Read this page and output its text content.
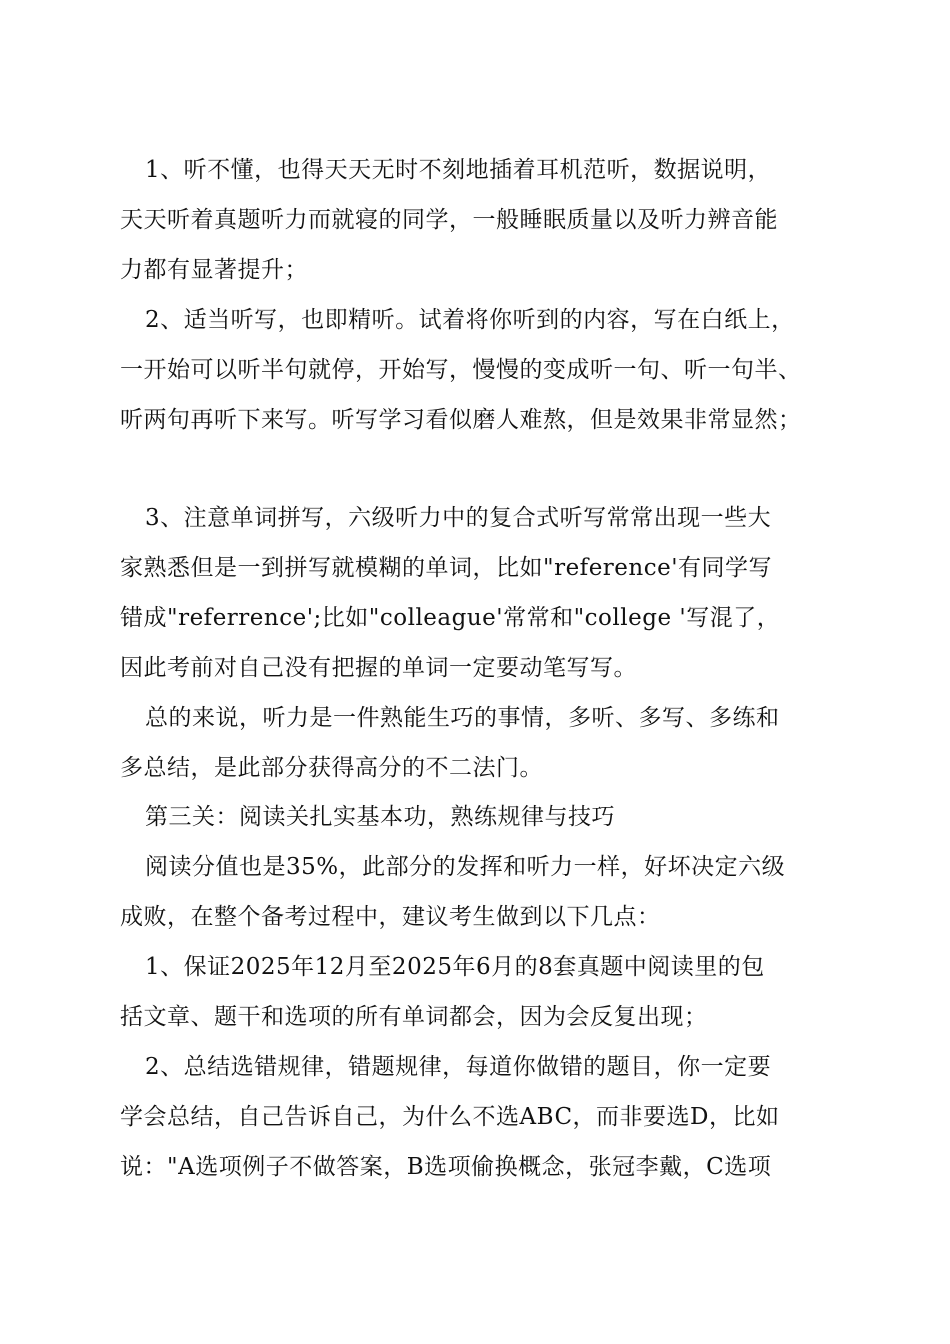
1、听不懂，也得天天无时不刻地插着耳机范听，数据说明，
天天听着真题听力而就寝的同学，一般睡眠质量以及听力辨音能
力都有显著提升；
2、适当听写，也即精听。试着将你听到的内容，写在白纸上，
一开始可以听半句就停，开始写，慢慢的变成听一句、听一句半、
听两句再听下来写。听写学习看似磨人难熬，但是效果非常显然；
3、注意单词拼写，六级听力中的复合式听写常常出现一些大
家熟悉但是一到拼写就模糊的单词，比如"reference'有同学写
错成"referrence';比如"colleague'常常和"college '写混了，
因此考前对自己没有把握的单词一定要动笔写写。
总的来说，听力是一件熟能生巧的事情，多听、多写、多练和
多总结，是此部分获得高分的不二法门。
第三关：阅读关扎实基本功，熟练规律与技巧
阅读分值也是35%，此部分的发挥和听力一样，好坏决定六级
成败，在整个备考过程中，建议考生做到以下几点：
1、保证2025年12月至2025年6月的8套真题中阅读里的包
括文章、题干和选项的所有单词都会，因为会反复出现；
2、总结选错规律，错题规律，每道你做错的题目，你一定要
学会总结，自己告诉自己，为什么不选ABC，而非要选D，比如
说："A选项例子不做答案，B选项偷换概念，张冠李戴，C选项
